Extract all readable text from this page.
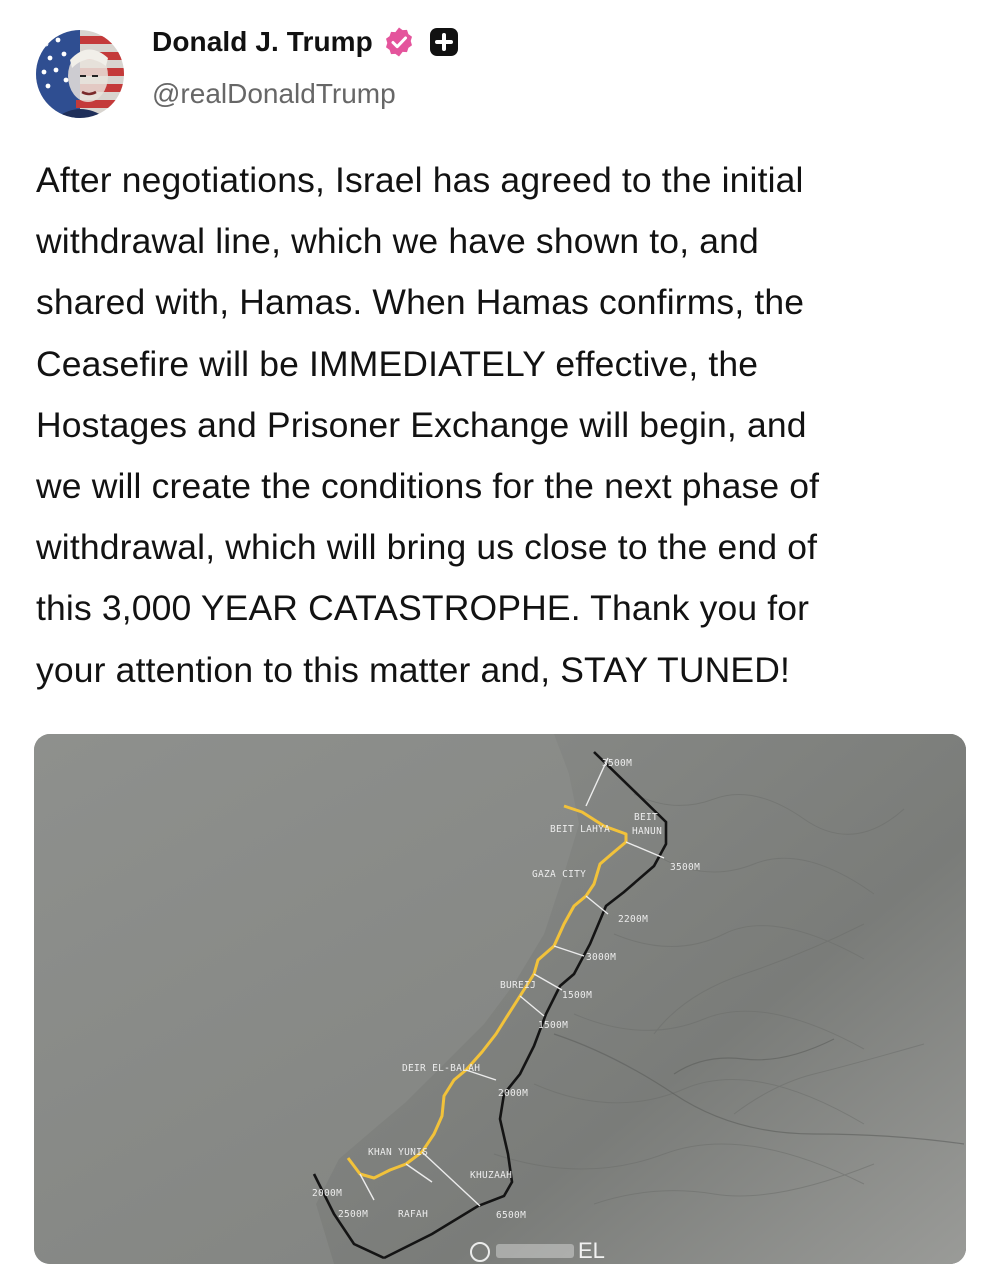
Donald J. Trump
@realDonaldTrump
After negotiations, Israel has agreed to the initial
withdrawal line, which we have shown to, and
shared with, Hamas. When Hamas confirms, the
Ceasefire will be IMMEDIATELY effective, the
Hostages and Prisoner Exchange will begin, and
we will create the conditions for the next phase of
withdrawal, which will bring us close to the end of
this 3,000 YEAR CATASTROPHE. Thank you for
your attention to this matter and, STAY TUNED!
BEIT LAHYA
BEIT
HANUN
GAZA CITY
BUREIJ
DEIR EL-BALAH
KHAN YUNIS
KHUZAAH
RAFAH
3500M
3500M
2200M
3000M
1500M
1500M
2000M
2000M
2500M	6500M
EL
